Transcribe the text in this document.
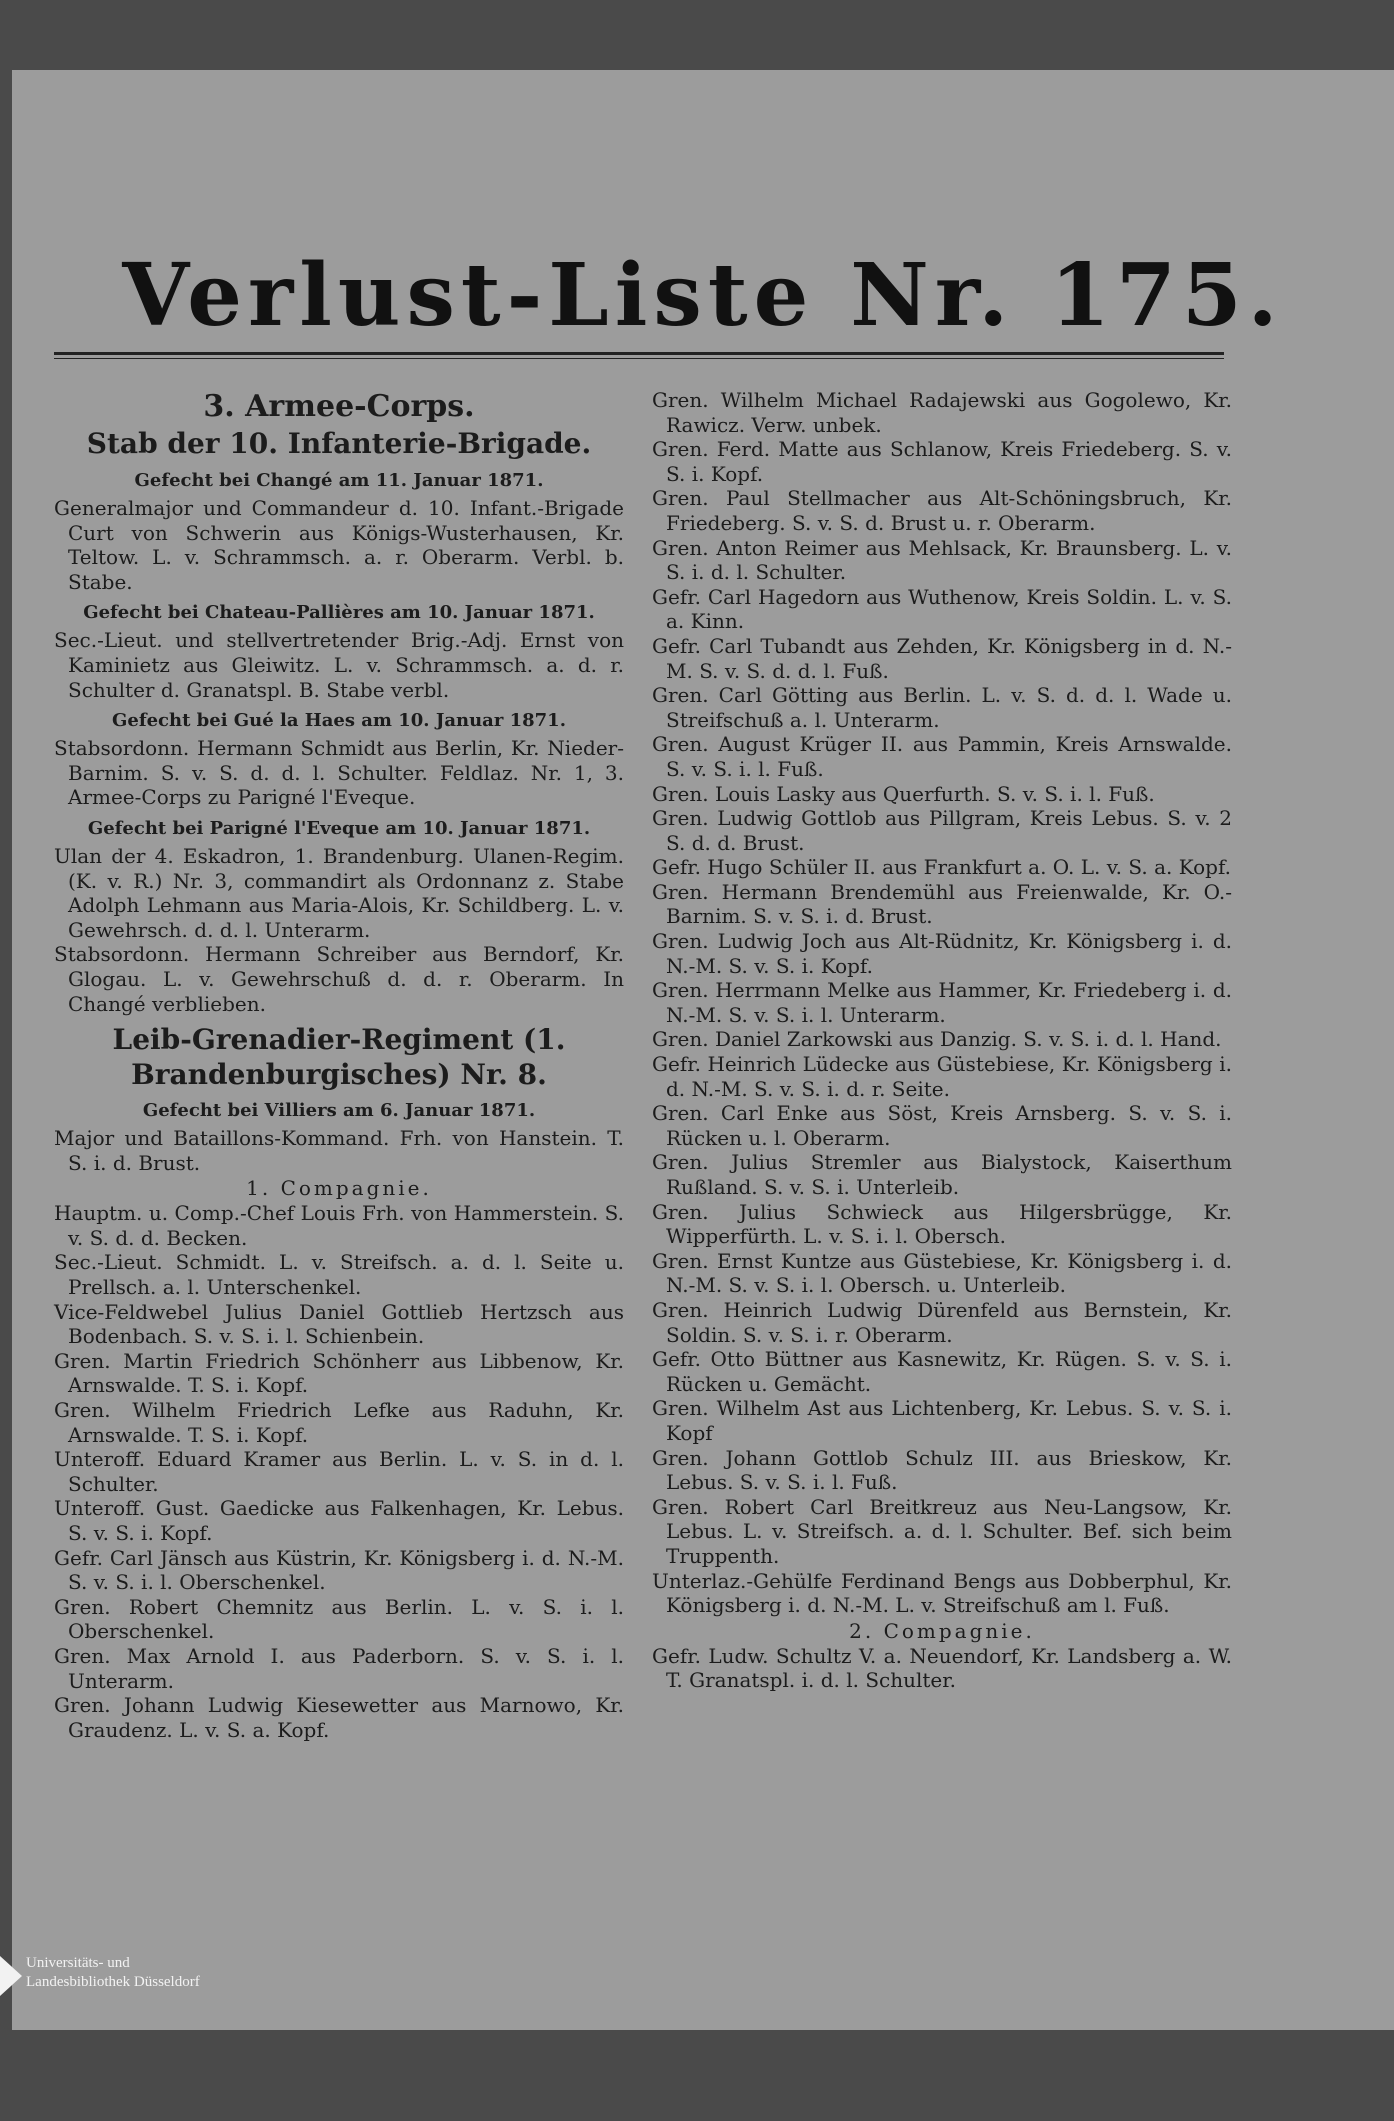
Verlust-Liste Nr. 175.
3. Armee-Corps.
Stab der 10. Infanterie-Brigade.
Gefecht bei Changé am 11. Januar 1871.

Generalmajor und Commandeur d. 10. Infant.-Brigade Curt von Schwerin aus Königs-Wusterhausen, Kr. Teltow. L. v. Schrammsch. a. r. Oberarm. Verbl. b. Stabe.

Gefecht bei Chateau-Pallières am 10. Januar 1871.

Sec.-Lieut. und stellvertretender Brig.-Adj. Ernst von Kaminietz aus Gleiwitz. L. v. Schrammsch. a. d. r. Schulter d. Granatspl. B. Stabe verbl.

Gefecht bei Gué la Haes am 10. Januar 1871.

Stabsordonn. Hermann Schmidt aus Berlin, Kr. Nieder-Barnim. S. v. S. d. d. l. Schulter. Feldlaz. Nr. 1, 3. Armee-Corps zu Parigné l'Eveque.

Gefecht bei Parigné l'Eveque am 10. Januar 1871.

Ulan der 4. Eskadron, 1. Brandenburg. Ulanen-Regim. (K. v. R.) Nr. 3, commandirt als Ordonnanz z. Stabe Adolph Lehmann aus Maria-Alois, Kr. Schildberg. L. v. Gewehrsch. d. d. l. Unterarm.

Stabsordonn. Hermann Schreiber aus Berndorf, Kr. Glogau. L. v. Gewehrschuß d. d. r. Oberarm. In Changé verblieben.

Leib-Grenadier-Regiment (1. Brandenburgisches) Nr. 8.
Gefecht bei Villiers am 6. Januar 1871.

Major und Bataillons-Kommand. Frh. von Hanstein. T. S. i. d. Brust.

1. Compagnie.

Hauptm. u. Comp.-Chef Louis Frh. von Hammerstein. S. v. S. d. d. Becken.

Sec.-Lieut. Schmidt. L. v. Streifsch. a. d. l. Seite u. Prellsch. a. l. Unterschenkel.

Vice-Feldwebel Julius Daniel Gottlieb Hertzsch aus Bodenbach. S. v. S. i. l. Schienbein.

Gren. Martin Friedrich Schönherr aus Libbenow, Kr. Arnswalde. T. S. i. Kopf.

Gren. Wilhelm Friedrich Lefke aus Raduhn, Kr. Arnswalde. T. S. i. Kopf.

Unteroff. Eduard Kramer aus Berlin. L. v. S. in d. l. Schulter.

Unteroff. Gust. Gaedicke aus Falkenhagen, Kr. Lebus. S. v. S. i. Kopf.

Gefr. Carl Jänsch aus Küstrin, Kr. Königsberg i. d. N.-M. S. v. S. i. l. Oberschenkel.

Gren. Robert Chemnitz aus Berlin. L. v. S. i. l. Oberschenkel.

Gren. Max Arnold I. aus Paderborn. S. v. S. i. l. Unterarm.

Gren. Johann Ludwig Kiesewetter aus Marnowo, Kr. Graudenz. L. v. S. a. Kopf.

Gren. Wilhelm Michael Radajewski aus Gogolewo, Kr. Rawicz. Verw. unbek.

Gren. Ferd. Matte aus Schlanow, Kreis Friedeberg. S. v. S. i. Kopf.

Gren. Paul Stellmacher aus Alt-Schöningsbruch, Kr. Friedeberg. S. v. S. d. Brust u. r. Oberarm.

Gren. Anton Reimer aus Mehlsack, Kr. Braunsberg. L. v. S. i. d. l. Schulter.

Gefr. Carl Hagedorn aus Wuthenow, Kreis Soldin. L. v. S. a. Kinn.

Gefr. Carl Tubandt aus Zehden, Kr. Königsberg in d. N.-M. S. v. S. d. d. l. Fuß.

Gren. Carl Götting aus Berlin. L. v. S. d. d. l. Wade u. Streifschuß a. l. Unterarm.

Gren. August Krüger II. aus Pammin, Kreis Arnswalde. S. v. S. i. l. Fuß.

Gren. Louis Lasky aus Querfurth. S. v. S. i. l. Fuß.

Gren. Ludwig Gottlob aus Pillgram, Kreis Lebus. S. v. 2 S. d. d. Brust.

Gefr. Hugo Schüler II. aus Frankfurt a. O. L. v. S. a. Kopf.

Gren. Hermann Brendemühl aus Freienwalde, Kr. O.-Barnim. S. v. S. i. d. Brust.

Gren. Ludwig Joch aus Alt-Rüdnitz, Kr. Königsberg i. d. N.-M. S. v. S. i. Kopf.

Gren. Herrmann Melke aus Hammer, Kr. Friedeberg i. d. N.-M. S. v. S. i. l. Unterarm.

Gren. Daniel Zarkowski aus Danzig. S. v. S. i. d. l. Hand.

Gefr. Heinrich Lüdecke aus Güstebiese, Kr. Königsberg i. d. N.-M. S. v. S. i. d. r. Seite.

Gren. Carl Enke aus Söst, Kreis Arnsberg. S. v. S. i. Rücken u. l. Oberarm.

Gren. Julius Stremler aus Bialystock, Kaiserthum Rußland. S. v. S. i. Unterleib.

Gren. Julius Schwieck aus Hilgersbrügge, Kr. Wipperfürth. L. v. S. i. l. Obersch.

Gren. Ernst Kuntze aus Güstebiese, Kr. Königsberg i. d. N.-M. S. v. S. i. l. Obersch. u. Unterleib.

Gren. Heinrich Ludwig Dürenfeld aus Bernstein, Kr. Soldin. S. v. S. i. r. Oberarm.

Gefr. Otto Büttner aus Kasnewitz, Kr. Rügen. S. v. S. i. Rücken u. Gemächt.

Gren. Wilhelm Ast aus Lichtenberg, Kr. Lebus. S. v. S. i. Kopf

Gren. Johann Gottlob Schulz III. aus Brieskow, Kr. Lebus. S. v. S. i. l. Fuß.

Gren. Robert Carl Breitkreuz aus Neu-Langsow, Kr. Lebus. L. v. Streifsch. a. d. l. Schulter. Bef. sich beim Truppenth.

Unterlaz.-Gehülfe Ferdinand Bengs aus Dobberphul, Kr. Königsberg i. d. N.-M. L. v. Streifschuß am l. Fuß.

2. Compagnie.

Gefr. Ludw. Schultz V. a. Neuendorf, Kr. Landsberg a. W. T. Granatspl. i. d. l. Schulter.

Universitäts- und
Landesbibliothek Düsseldorf
